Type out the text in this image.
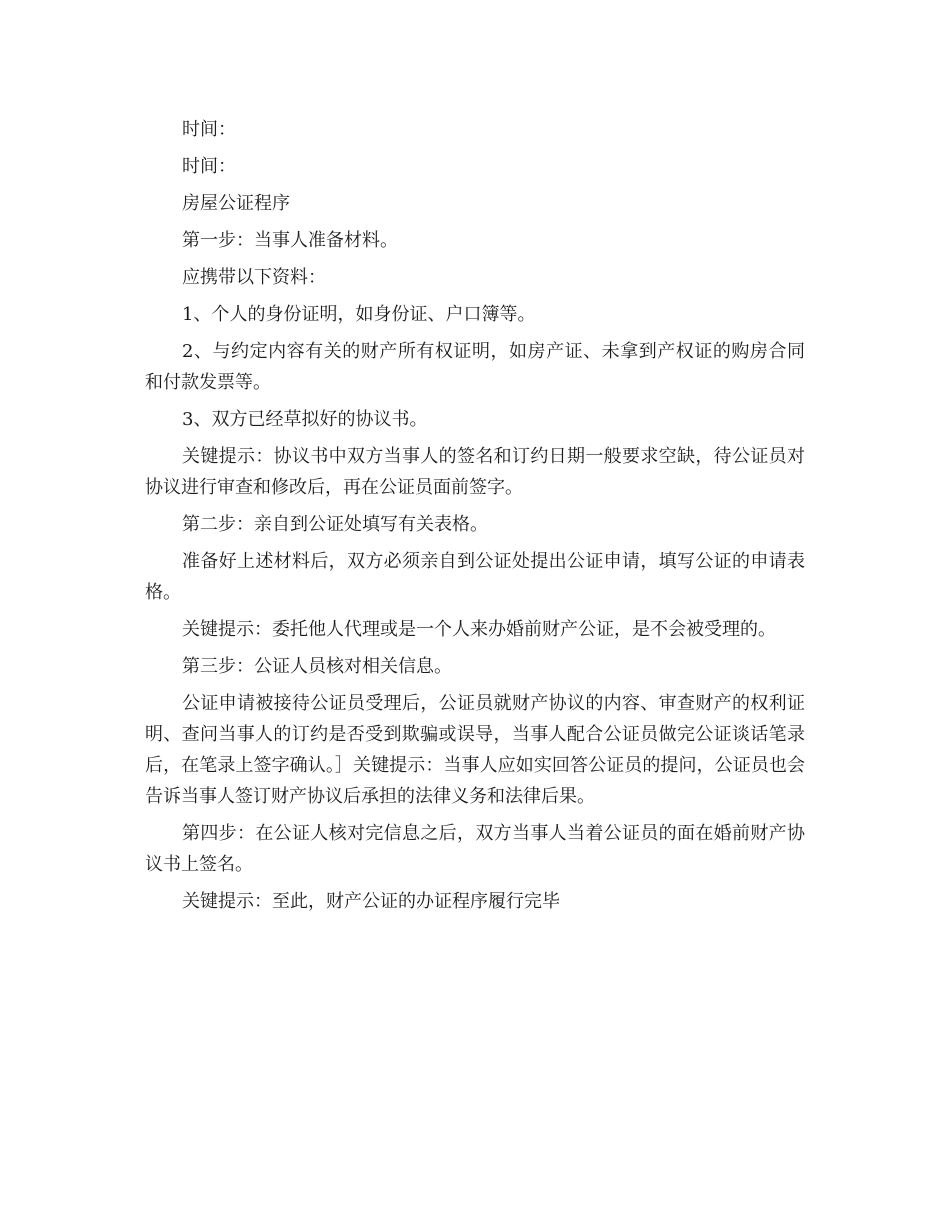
时间：

时间：

房屋公证程序

第一步：当事人准备材料。

应携带以下资料：

1、个人的身份证明，如身份证、户口簿等。

2、与约定内容有关的财产所有权证明，如房产证、未拿到产权证的购房合同和付款发票等。

3、双方已经草拟好的协议书。

关键提示：协议书中双方当事人的签名和订约日期一般要求空缺，待公证员对协议进行审查和修改后，再在公证员面前签字。

第二步：亲自到公证处填写有关表格。

准备好上述材料后，双方必须亲自到公证处提出公证申请，填写公证的申请表格。

关键提示：委托他人代理或是一个人来办婚前财产公证，是不会被受理的。

第三步：公证人员核对相关信息。

公证申请被接待公证员受理后，公证员就财产协议的内容、审查财产的权利证明、查问当事人的订约是否受到欺骗或误导，当事人配合公证员做完公证谈话笔录后，在笔录上签字确认。］关键提示：当事人应如实回答公证员的提问，公证员也会告诉当事人签订财产协议后承担的法律义务和法律后果。

第四步：在公证人核对完信息之后，双方当事人当着公证员的面在婚前财产协议书上签名。

关键提示：至此，财产公证的办证程序履行完毕
